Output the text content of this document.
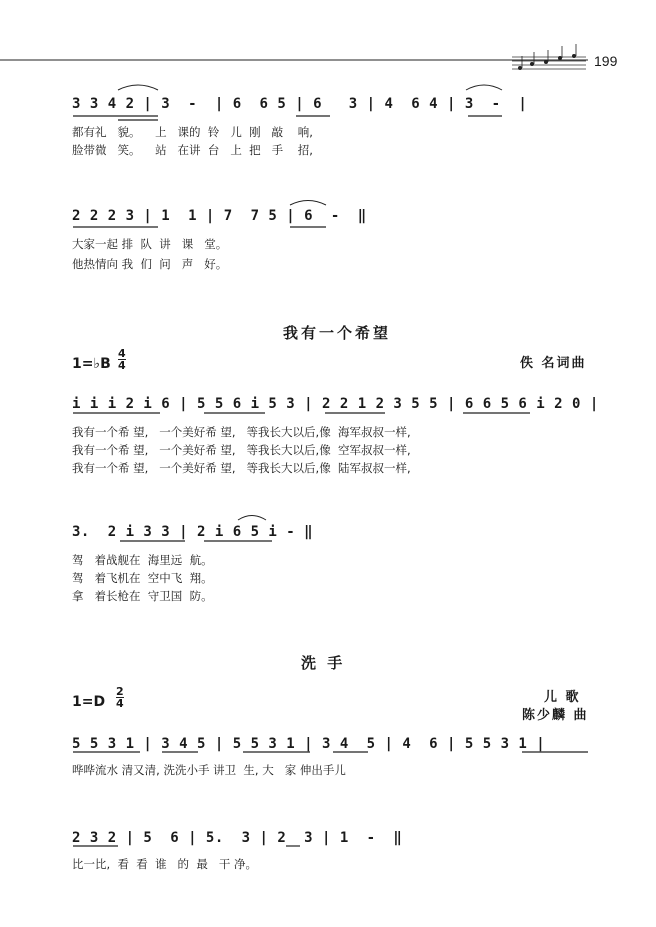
199
3 3 4 2 | 3  -  | 6  6 5 | 6   3 | 4  6 4 | 3  -  |
都有礼   貌。    上   课的  铃   儿  刚   敲    响,
脸带微   笑。    站   在讲  台   上  把   手    招,
2 2 2 3 | 1  1 | 7  7 5 | 6  -  ‖
大家一起 排  队  讲   课   堂。
他热情向 我  们  问   声   好。
我有一个希望
1=♭B
4
4	佚 名词曲
i i i 2 i 6 | 5 5 6 i 5 3 | 2 2 1 2 3 5 5 | 6 6 5 6 i 2 0 |
我有一个希 望,   一个美好希 望,   等我长大以后,像  海军叔叔一样,
我有一个希 望,   一个美好希 望,   等我长大以后,像  空军叔叔一样,
我有一个希 望,   一个美好希 望,   等我长大以后,像  陆军叔叔一样,
3.  2 i 3 3 | 2 i 6 5 i - ‖
驾   着战舰在  海里远  航。
驾   着飞机在  空中飞  翔。
拿   着长枪在  守卫国  防。
洗 手
1=D
2
4	儿 歌
陈少麟 曲
5 5 3 1 | 3 4 5 | 5 5 3 1 | 3 4  5 | 4  6 | 5 5 3 1 |
哗哗流水 清又清, 洗洗小手 讲卫  生, 大   家 伸出手儿
2 3 2 | 5  6 | 5.  3 | 2  3 | 1  -  ‖
比一比,  看  看  谁   的  最   干 净。
